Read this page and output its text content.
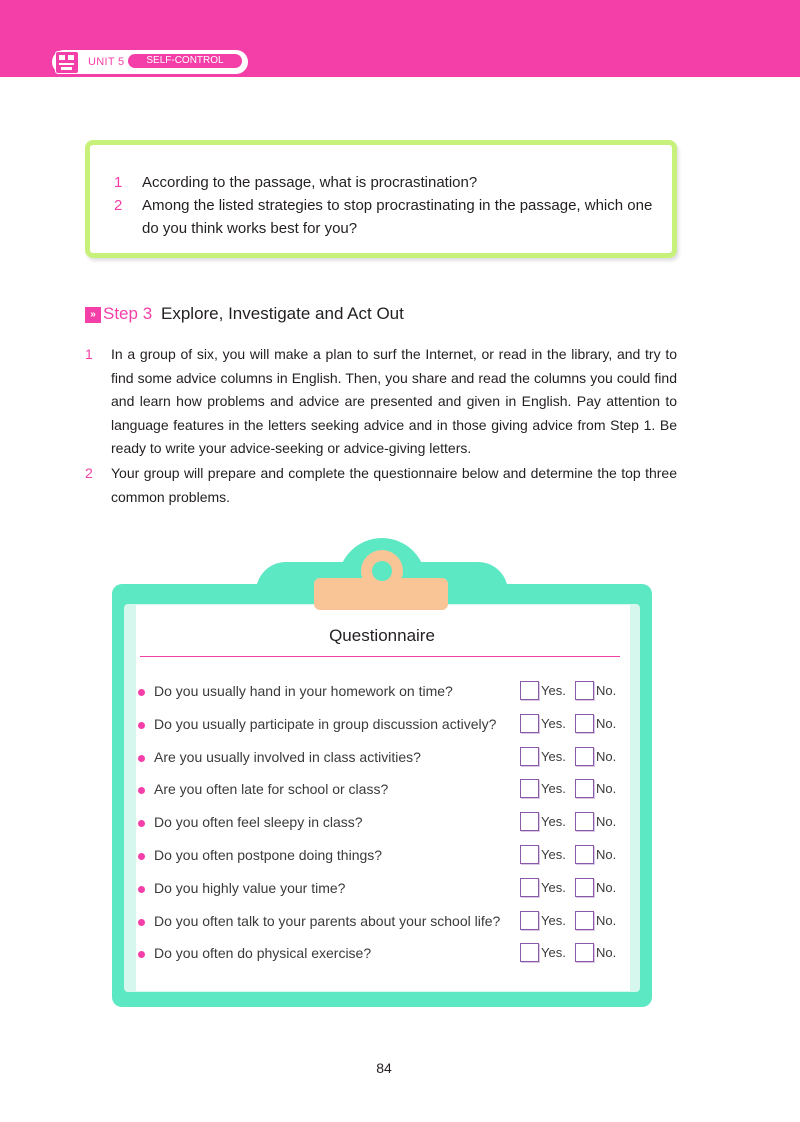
UNIT 5	SELF-CONTROL
1 According to the passage, what is procrastination?
2 Among the listed strategies to stop procrastinating in the passage, which one do you think works best for you?
» Step 3 Explore, Investigate and Act Out
1 In a group of six, you will make a plan to surf the Internet, or read in the library, and try to find some advice columns in English. Then, you share and read the columns you could find and learn how problems and advice are presented and given in English. Pay attention to language features in the letters seeking advice and in those giving advice from Step 1. Be ready to write your advice-seeking or advice-giving letters.
2 Your group will prepare and complete the questionnaire below and determine the top three common problems.
Questionnaire
Do you usually hand in your homework on time?	Yes. No.
Do you usually participate in group discussion actively?	Yes. No.
Are you usually involved in class activities?	Yes. No.
Are you often late for school or class?	Yes. No.
Do you often feel sleepy in class?	Yes. No.
Do you often postpone doing things?	Yes. No.
Do you highly value your time?	Yes. No.
Do you often talk to your parents about your school life?	Yes. No.
Do you often do physical exercise?	Yes. No.
84
